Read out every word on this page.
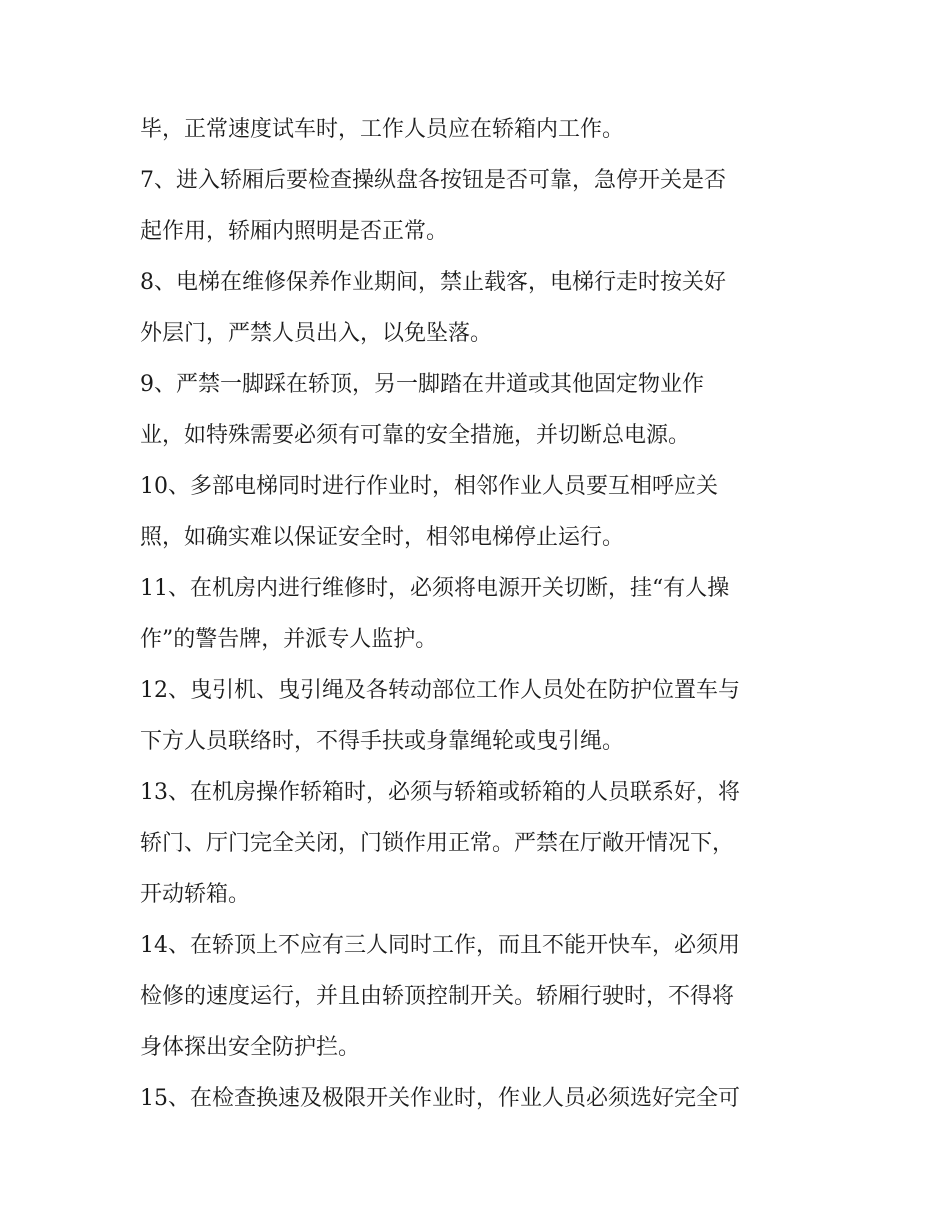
毕，正常速度试车时，工作人员应在轿箱内工作。
7、进入轿厢后要检查操纵盘各按钮是否可靠，急停开关是否
起作用，轿厢内照明是否正常。
8、电梯在维修保养作业期间，禁止载客，电梯行走时按关好
外层门，严禁人员出入，以免坠落。
9、严禁一脚踩在轿顶，另一脚踏在井道或其他固定物业作
业，如特殊需要必须有可靠的安全措施，并切断总电源。
10、多部电梯同时进行作业时，相邻作业人员要互相呼应关
照，如确实难以保证安全时，相邻电梯停止运行。
11、在机房内进行维修时，必须将电源开关切断，挂“有人操
作”的警告牌，并派专人监护。
12、曳引机、曳引绳及各转动部位工作人员处在防护位置车与
下方人员联络时，不得手扶或身靠绳轮或曳引绳。
13、在机房操作轿箱时，必须与轿箱或轿箱的人员联系好，将
轿门、厅门完全关闭，门锁作用正常。严禁在厅敞开情况下，
开动轿箱。
14、在轿顶上不应有三人同时工作，而且不能开快车，必须用
检修的速度运行，并且由轿顶控制开关。轿厢行驶时，不得将
身体探出安全防护拦。
15、在检查换速及极限开关作业时，作业人员必须选好完全可
